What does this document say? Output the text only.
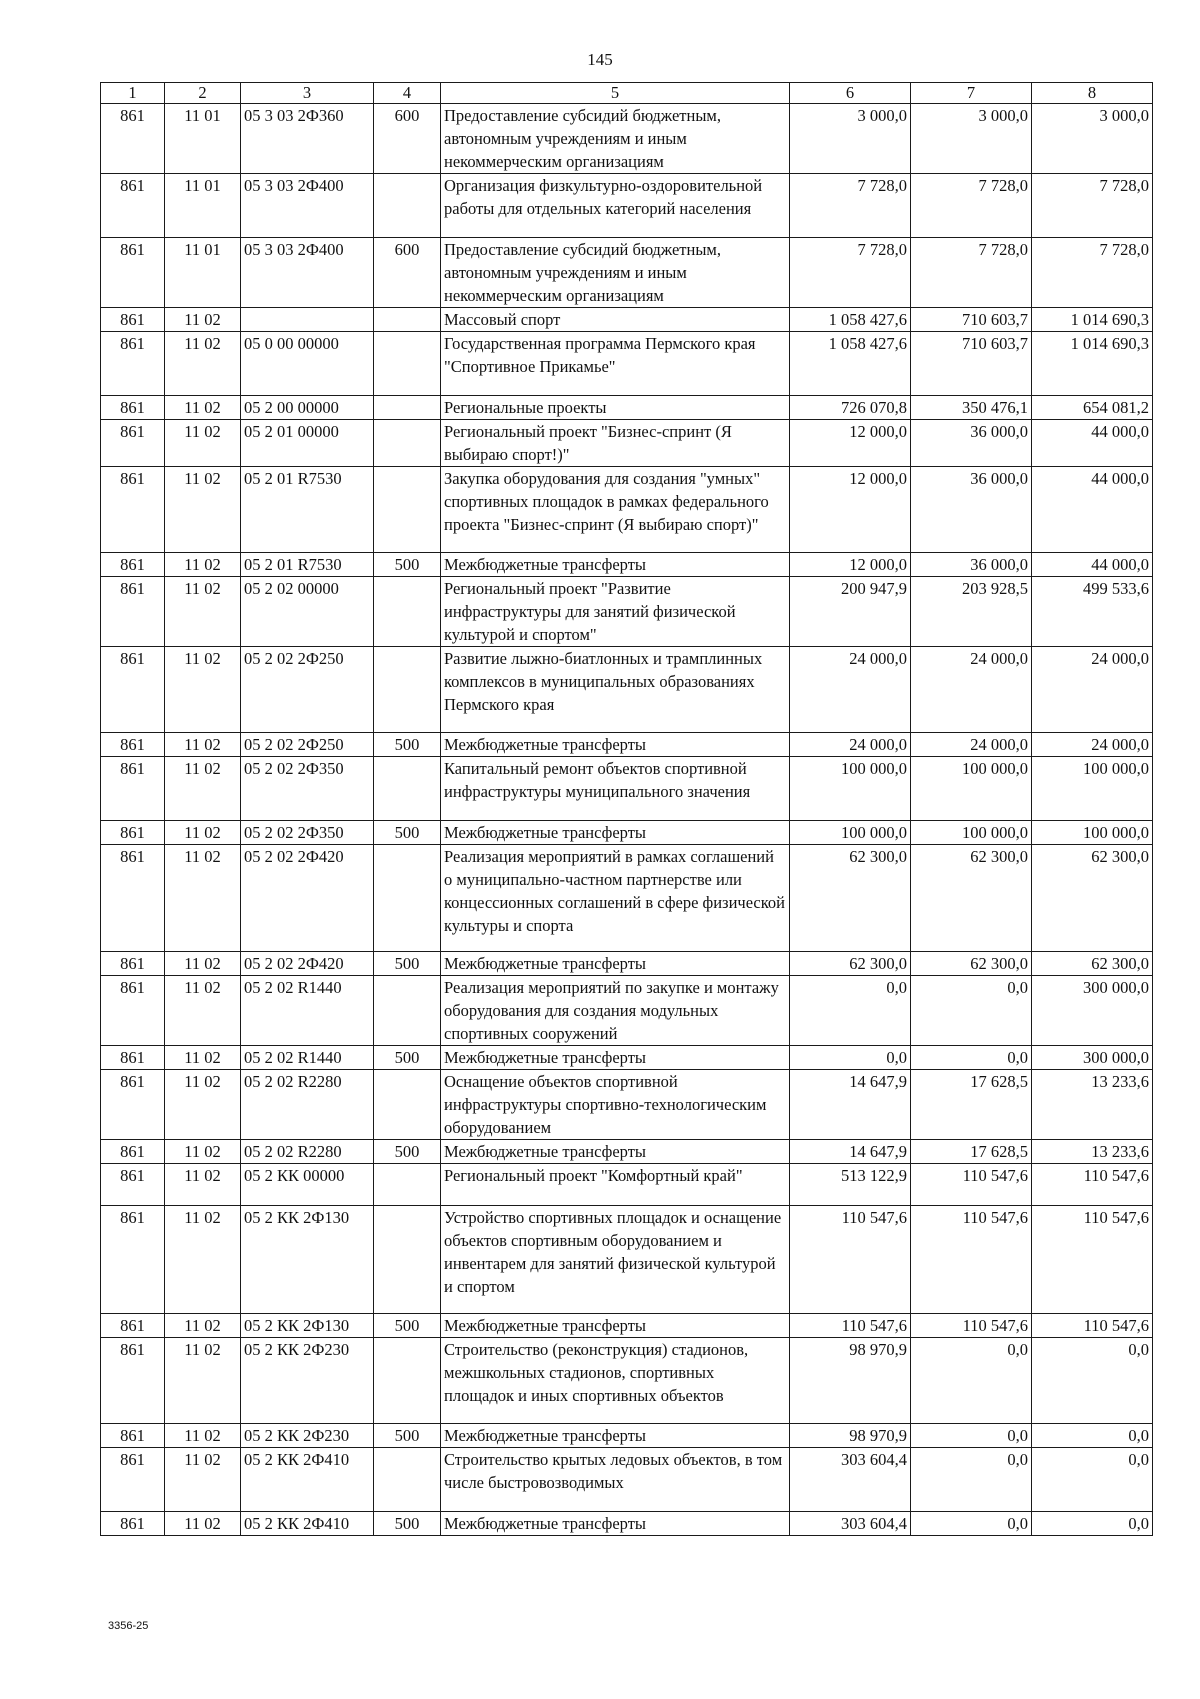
145
1	2	3	4	5	6	7	8
861	11 01	05 3 03 2Ф360	600	Предоставление субсидий бюджетным, автономным учреждениям и иным некоммерческим организациям	3 000,0	3 000,0	3 000,0
861	11 01	05 3 03 2Ф400		Организация физкультурно-оздоровительной работы для отдельных категорий населения	7 728,0	7 728,0	7 728,0
861	11 01	05 3 03 2Ф400	600	Предоставление субсидий бюджетным, автономным учреждениям и иным некоммерческим организациям	7 728,0	7 728,0	7 728,0
861	11 02			Массовый спорт	1 058 427,6	710 603,7	1 014 690,3
861	11 02	05 0 00 00000		Государственная программа Пермского края "Спортивное Прикамье"	1 058 427,6	710 603,7	1 014 690,3
861	11 02	05 2 00 00000		Региональные проекты	726 070,8	350 476,1	654 081,2
861	11 02	05 2 01 00000		Региональный проект "Бизнес-спринт (Я выбираю спорт!)"	12 000,0	36 000,0	44 000,0
861	11 02	05 2 01 R7530		Закупка оборудования для создания "умных" спортивных площадок в рамках федерального проекта "Бизнес-спринт (Я выбираю спорт)"	12 000,0	36 000,0	44 000,0
861	11 02	05 2 01 R7530	500	Межбюджетные трансферты	12 000,0	36 000,0	44 000,0
861	11 02	05 2 02 00000		Региональный проект "Развитие инфраструктуры для занятий физической культурой и спортом"	200 947,9	203 928,5	499 533,6
861	11 02	05 2 02 2Ф250		Развитие лыжно-биатлонных и трамплинных комплексов в муниципальных образованиях Пермского края	24 000,0	24 000,0	24 000,0
861	11 02	05 2 02 2Ф250	500	Межбюджетные трансферты	24 000,0	24 000,0	24 000,0
861	11 02	05 2 02 2Ф350		Капитальный ремонт объектов спортивной инфраструктуры муниципального значения	100 000,0	100 000,0	100 000,0
861	11 02	05 2 02 2Ф350	500	Межбюджетные трансферты	100 000,0	100 000,0	100 000,0
861	11 02	05 2 02 2Ф420		Реализация мероприятий в рамках соглашений о муниципально-частном партнерстве или концессионных соглашений в сфере физической культуры и спорта	62 300,0	62 300,0	62 300,0
861	11 02	05 2 02 2Ф420	500	Межбюджетные трансферты	62 300,0	62 300,0	62 300,0
861	11 02	05 2 02 R1440		Реализация мероприятий по закупке и монтажу оборудования для создания модульных спортивных сооружений	0,0	0,0	300 000,0
861	11 02	05 2 02 R1440	500	Межбюджетные трансферты	0,0	0,0	300 000,0
861	11 02	05 2 02 R2280		Оснащение объектов спортивной инфраструктуры спортивно-технологическим оборудованием	14 647,9	17 628,5	13 233,6
861	11 02	05 2 02 R2280	500	Межбюджетные трансферты	14 647,9	17 628,5	13 233,6
861	11 02	05 2 КК 00000		Региональный проект "Комфортный край"	513 122,9	110 547,6	110 547,6
861	11 02	05 2 КК 2Ф130		Устройство спортивных площадок и оснащение объектов спортивным оборудованием и инвентарем для занятий физической культурой и спортом	110 547,6	110 547,6	110 547,6
861	11 02	05 2 КК 2Ф130	500	Межбюджетные трансферты	110 547,6	110 547,6	110 547,6
861	11 02	05 2 КК 2Ф230		Строительство (реконструкция) стадионов, межшкольных стадионов, спортивных площадок и иных спортивных объектов	98 970,9	0,0	0,0
861	11 02	05 2 КК 2Ф230	500	Межбюджетные трансферты	98 970,9	0,0	0,0
861	11 02	05 2 КК 2Ф410		Строительство крытых ледовых объектов, в том числе быстровозводимых	303 604,4	0,0	0,0
861	11 02	05 2 КК 2Ф410	500	Межбюджетные трансферты	303 604,4	0,0	0,0
3356-25
